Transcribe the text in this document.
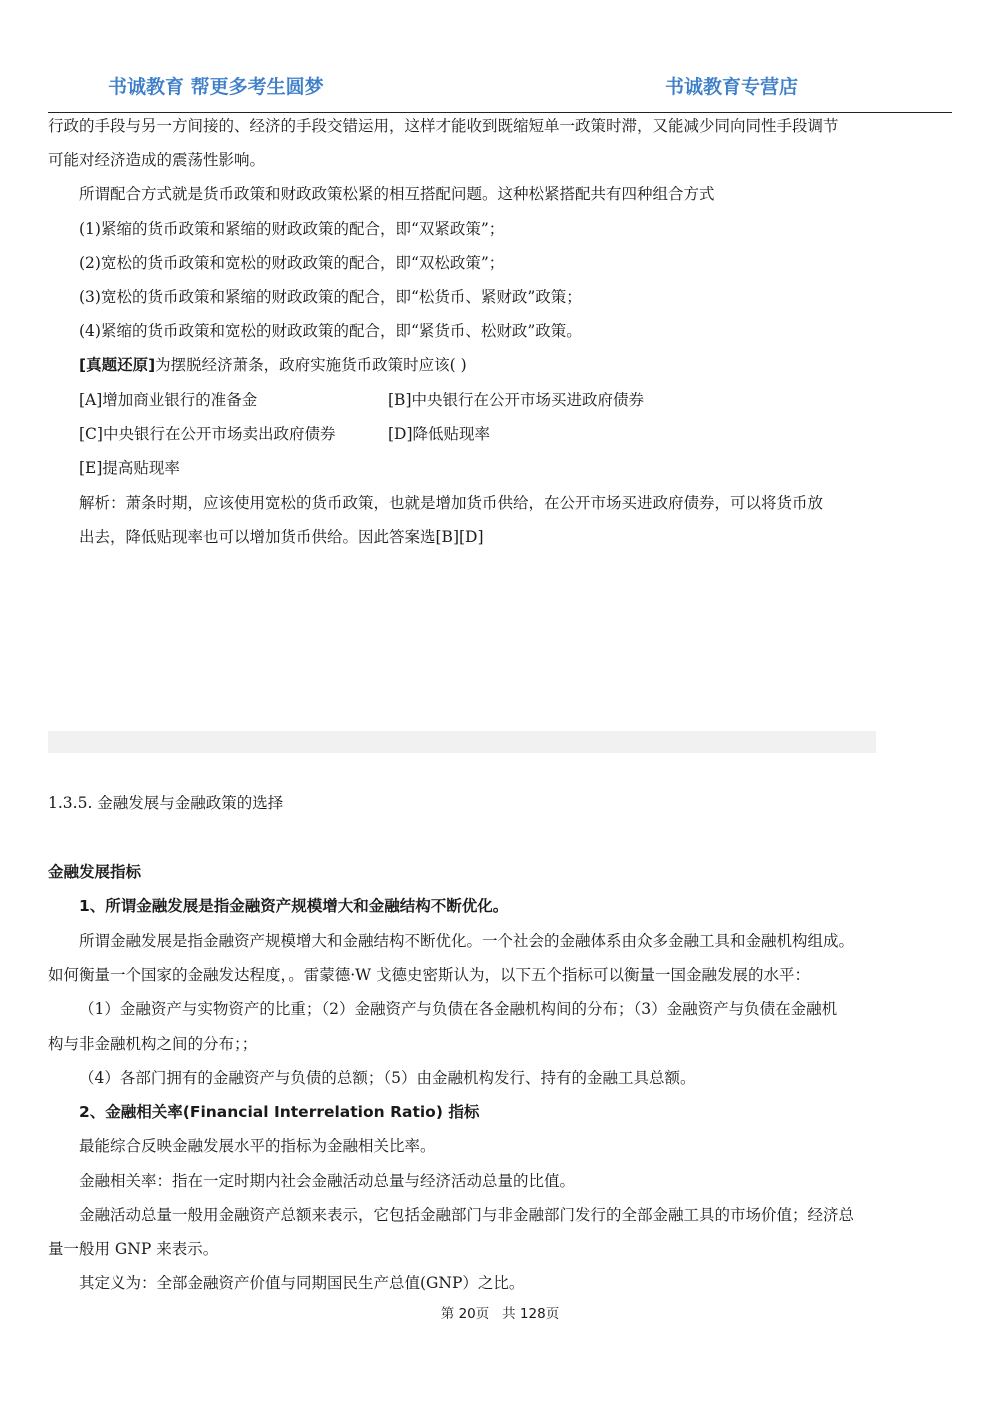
书诚教育 帮更多考生圆梦	书诚教育专营店
行政的手段与另一方间接的、经济的手段交错运用，这样才能收到既缩短单一政策时滞，又能减少同向同性手段调节
可能对经济造成的震荡性影响。
所谓配合方式就是货币政策和财政政策松紧的相互搭配问题。这种松紧搭配共有四种组合方式
(1)紧缩的货币政策和紧缩的财政政策的配合，即“双紧政策”；
(2)宽松的货币政策和宽松的财政政策的配合，即“双松政策”；
(3)宽松的货币政策和紧缩的财政政策的配合，即“松货币、紧财政”政策；
(4)紧缩的货币政策和宽松的财政政策的配合，即“紧货币、松财政”政策。
[真题还原]为摆脱经济萧条，政府实施货币政策时应该( )
[A]增加商业银行的准备金	[B]中央银行在公开市场买进政府债券
[C]中央银行在公开市场卖出政府债券	[D]降低贴现率
[E]提高贴现率
解析：萧条时期，应该使用宽松的货币政策，也就是增加货币供给，在公开市场买进政府债券，可以将货币放
出去，降低贴现率也可以增加货币供给。因此答案选[B][D]
1.3.5. 金融发展与金融政策的选择
金融发展指标
1、所谓金融发展是指金融资产规模增大和金融结构不断优化。
所谓金融发展是指金融资产规模增大和金融结构不断优化。一个社会的金融体系由众多金融工具和金融机构组成。
如何衡量一个国家的金融发达程度，。雷蒙德·W 戈德史密斯认为，以下五个指标可以衡量一国金融发展的水平：
（1）金融资产与实物资产的比重；（2）金融资产与负债在各金融机构间的分布；（3）金融资产与负债在金融机
构与非金融机构之间的分布；；
（4）各部门拥有的金融资产与负债的总额；（5）由金融机构发行、持有的金融工具总额。
2、金融相关率(Financial Interrelation Ratio) 指标
最能综合反映金融发展水平的指标为金融相关比率。
金融相关率：指在一定时期内社会金融活动总量与经济活动总量的比值。
金融活动总量一般用金融资产总额来表示，它包括金融部门与非金融部门发行的全部金融工具的市场价值；经济总
量一般用 GNP 来表示。
其定义为：全部金融资产价值与同期国民生产总值(GNP）之比。
第 20页   共 128页
